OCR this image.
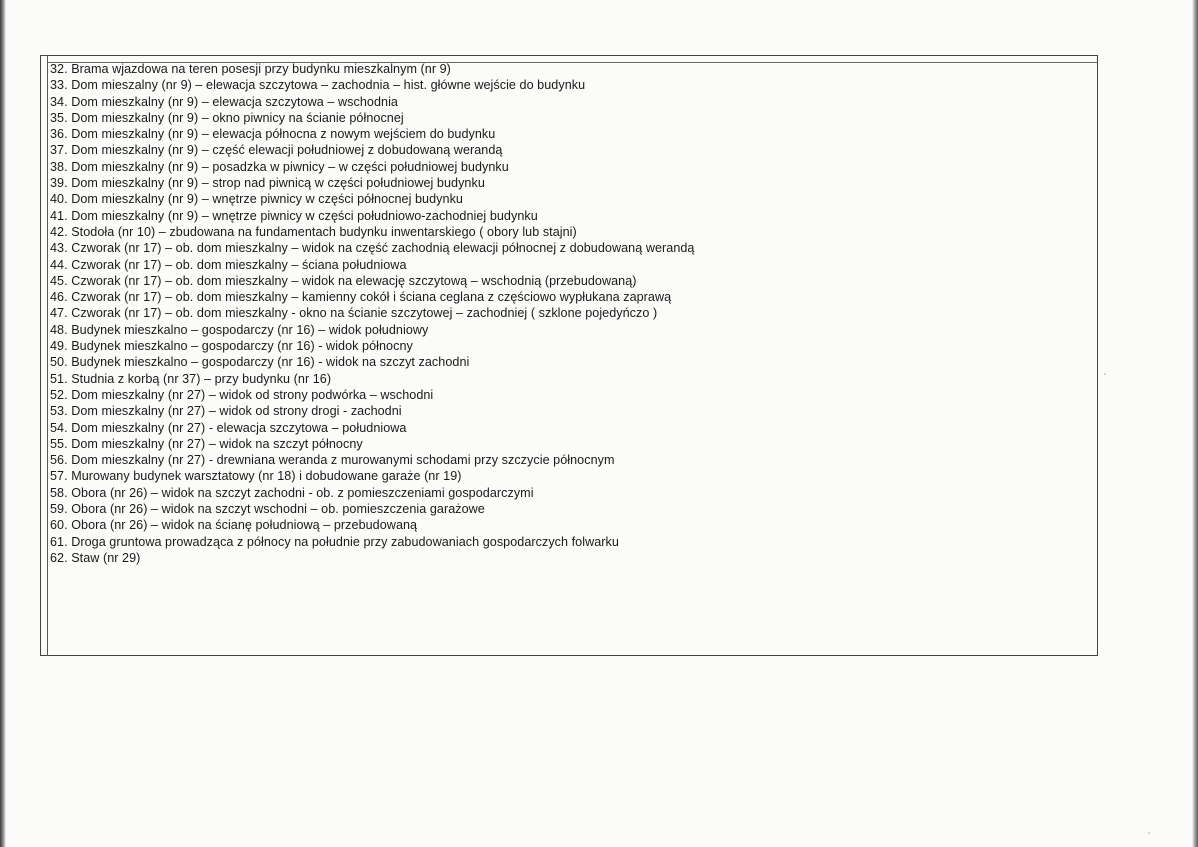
32. Brama wjazdowa na teren posesji przy budynku mieszkalnym (nr 9)
33. Dom mieszalny (nr 9) – elewacja szczytowa – zachodnia – hist. główne wejście do budynku
34. Dom mieszkalny (nr 9) – elewacja szczytowa – wschodnia
35. Dom mieszkalny (nr 9) – okno piwnicy na ścianie północnej
36. Dom mieszkalny (nr 9) – elewacja północna z nowym wejściem do budynku
37. Dom mieszkalny (nr 9) – część elewacji południowej z dobudowaną werandą
38. Dom mieszkalny (nr 9) – posadzka w piwnicy – w części południowej budynku
39. Dom mieszkalny (nr 9) – strop nad piwnicą w części południowej budynku
40. Dom mieszkalny (nr 9) – wnętrze piwnicy w części północnej budynku
41. Dom mieszkalny (nr 9) – wnętrze piwnicy w części południowo-zachodniej budynku
42. Stodoła (nr 10) – zbudowana na fundamentach budynku inwentarskiego ( obory lub stajni)
43. Czworak (nr 17) – ob. dom mieszkalny – widok na część zachodnią elewacji północnej z dobudowaną werandą
44. Czworak (nr 17) – ob. dom mieszkalny – ściana południowa
45. Czworak (nr 17) – ob. dom mieszkalny – widok na elewację szczytową – wschodnią (przebudowaną)
46. Czworak (nr 17) – ob. dom mieszkalny – kamienny cokół i ściana ceglana z częściowo wypłukana zaprawą
47. Czworak (nr 17) – ob. dom mieszkalny - okno na ścianie szczytowej – zachodniej ( szklone pojedyńczo )
48. Budynek mieszkalno – gospodarczy (nr 16) – widok południowy
49. Budynek mieszkalno – gospodarczy (nr 16) - widok północny
50. Budynek mieszkalno – gospodarczy (nr 16) - widok na szczyt zachodni
51. Studnia z korbą (nr 37) – przy budynku (nr 16)
52. Dom mieszkalny (nr 27) – widok od strony podwórka – wschodni
53. Dom mieszkalny (nr 27) – widok od strony drogi - zachodni
54. Dom mieszkalny (nr 27) - elewacja szczytowa – południowa
55. Dom mieszkalny (nr 27) – widok na szczyt północny
56. Dom mieszkalny (nr 27) - drewniana weranda z murowanymi schodami przy szczycie północnym
57. Murowany budynek warsztatowy (nr 18) i dobudowane garaże (nr 19)
58. Obora (nr 26) – widok na szczyt zachodni - ob. z pomieszczeniami gospodarczymi
59. Obora (nr 26) – widok na szczyt wschodni – ob. pomieszczenia garażowe
60. Obora (nr 26) – widok na ścianę południową – przebudowaną
61. Droga gruntowa prowadząca z północy na południe przy zabudowaniach gospodarczych folwarku
62. Staw (nr 29)
